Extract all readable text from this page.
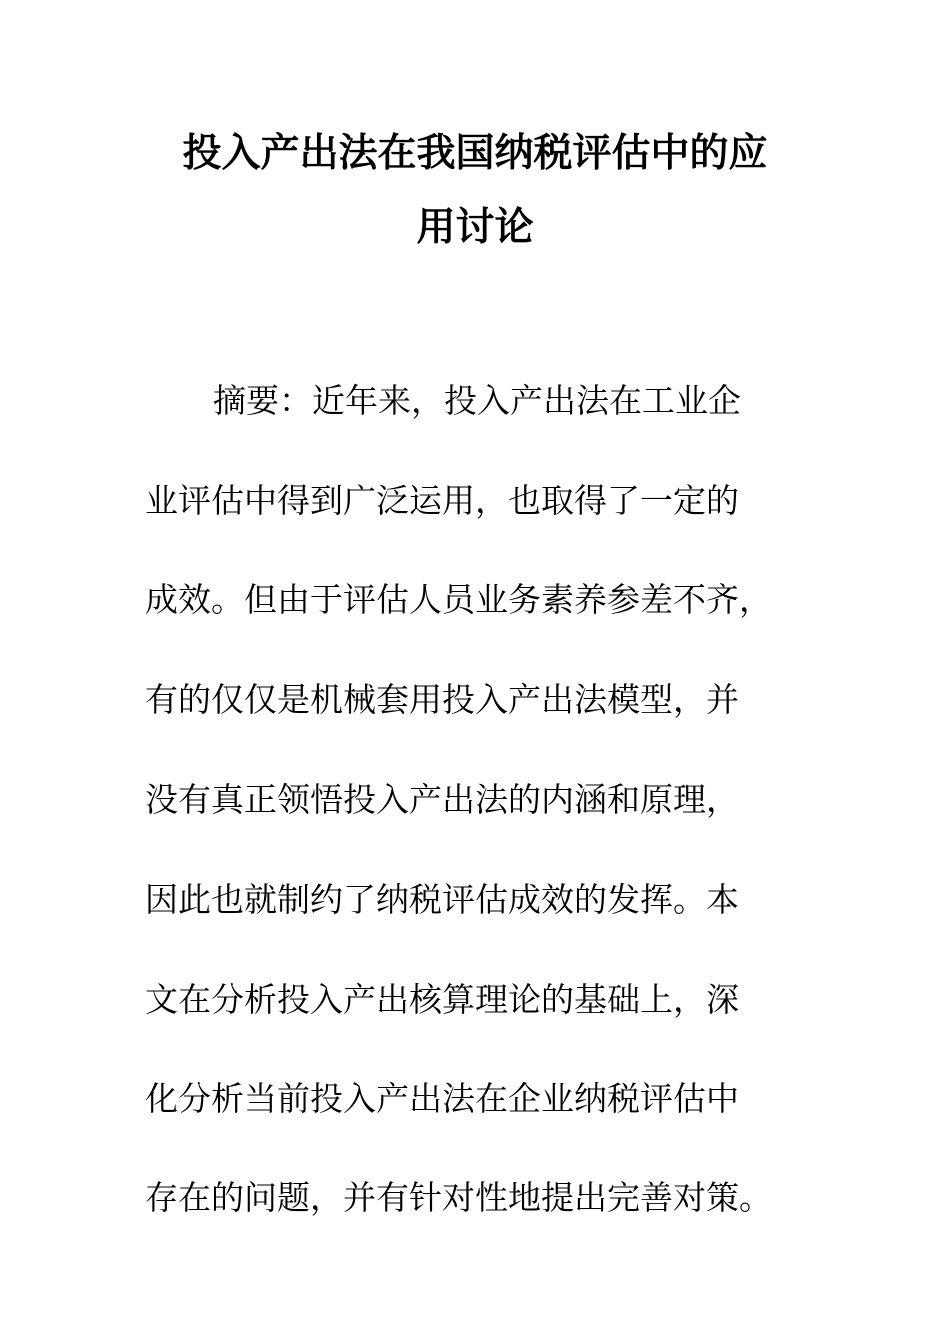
投入产出法在我国纳税评估中的应
用讨论

摘要：近年来，投入产出法在工业企

业评估中得到广泛运用，也取得了一定的

成效。但由于评估人员业务素养参差不齐，

有的仅仅是机械套用投入产出法模型，并

没有真正领悟投入产出法的内涵和原理，

因此也就制约了纳税评估成效的发挥。本

文在分析投入产出核算理论的基础上，深

化分析当前投入产出法在企业纳税评估中

存在的问题，并有针对性地提出完善对策。
